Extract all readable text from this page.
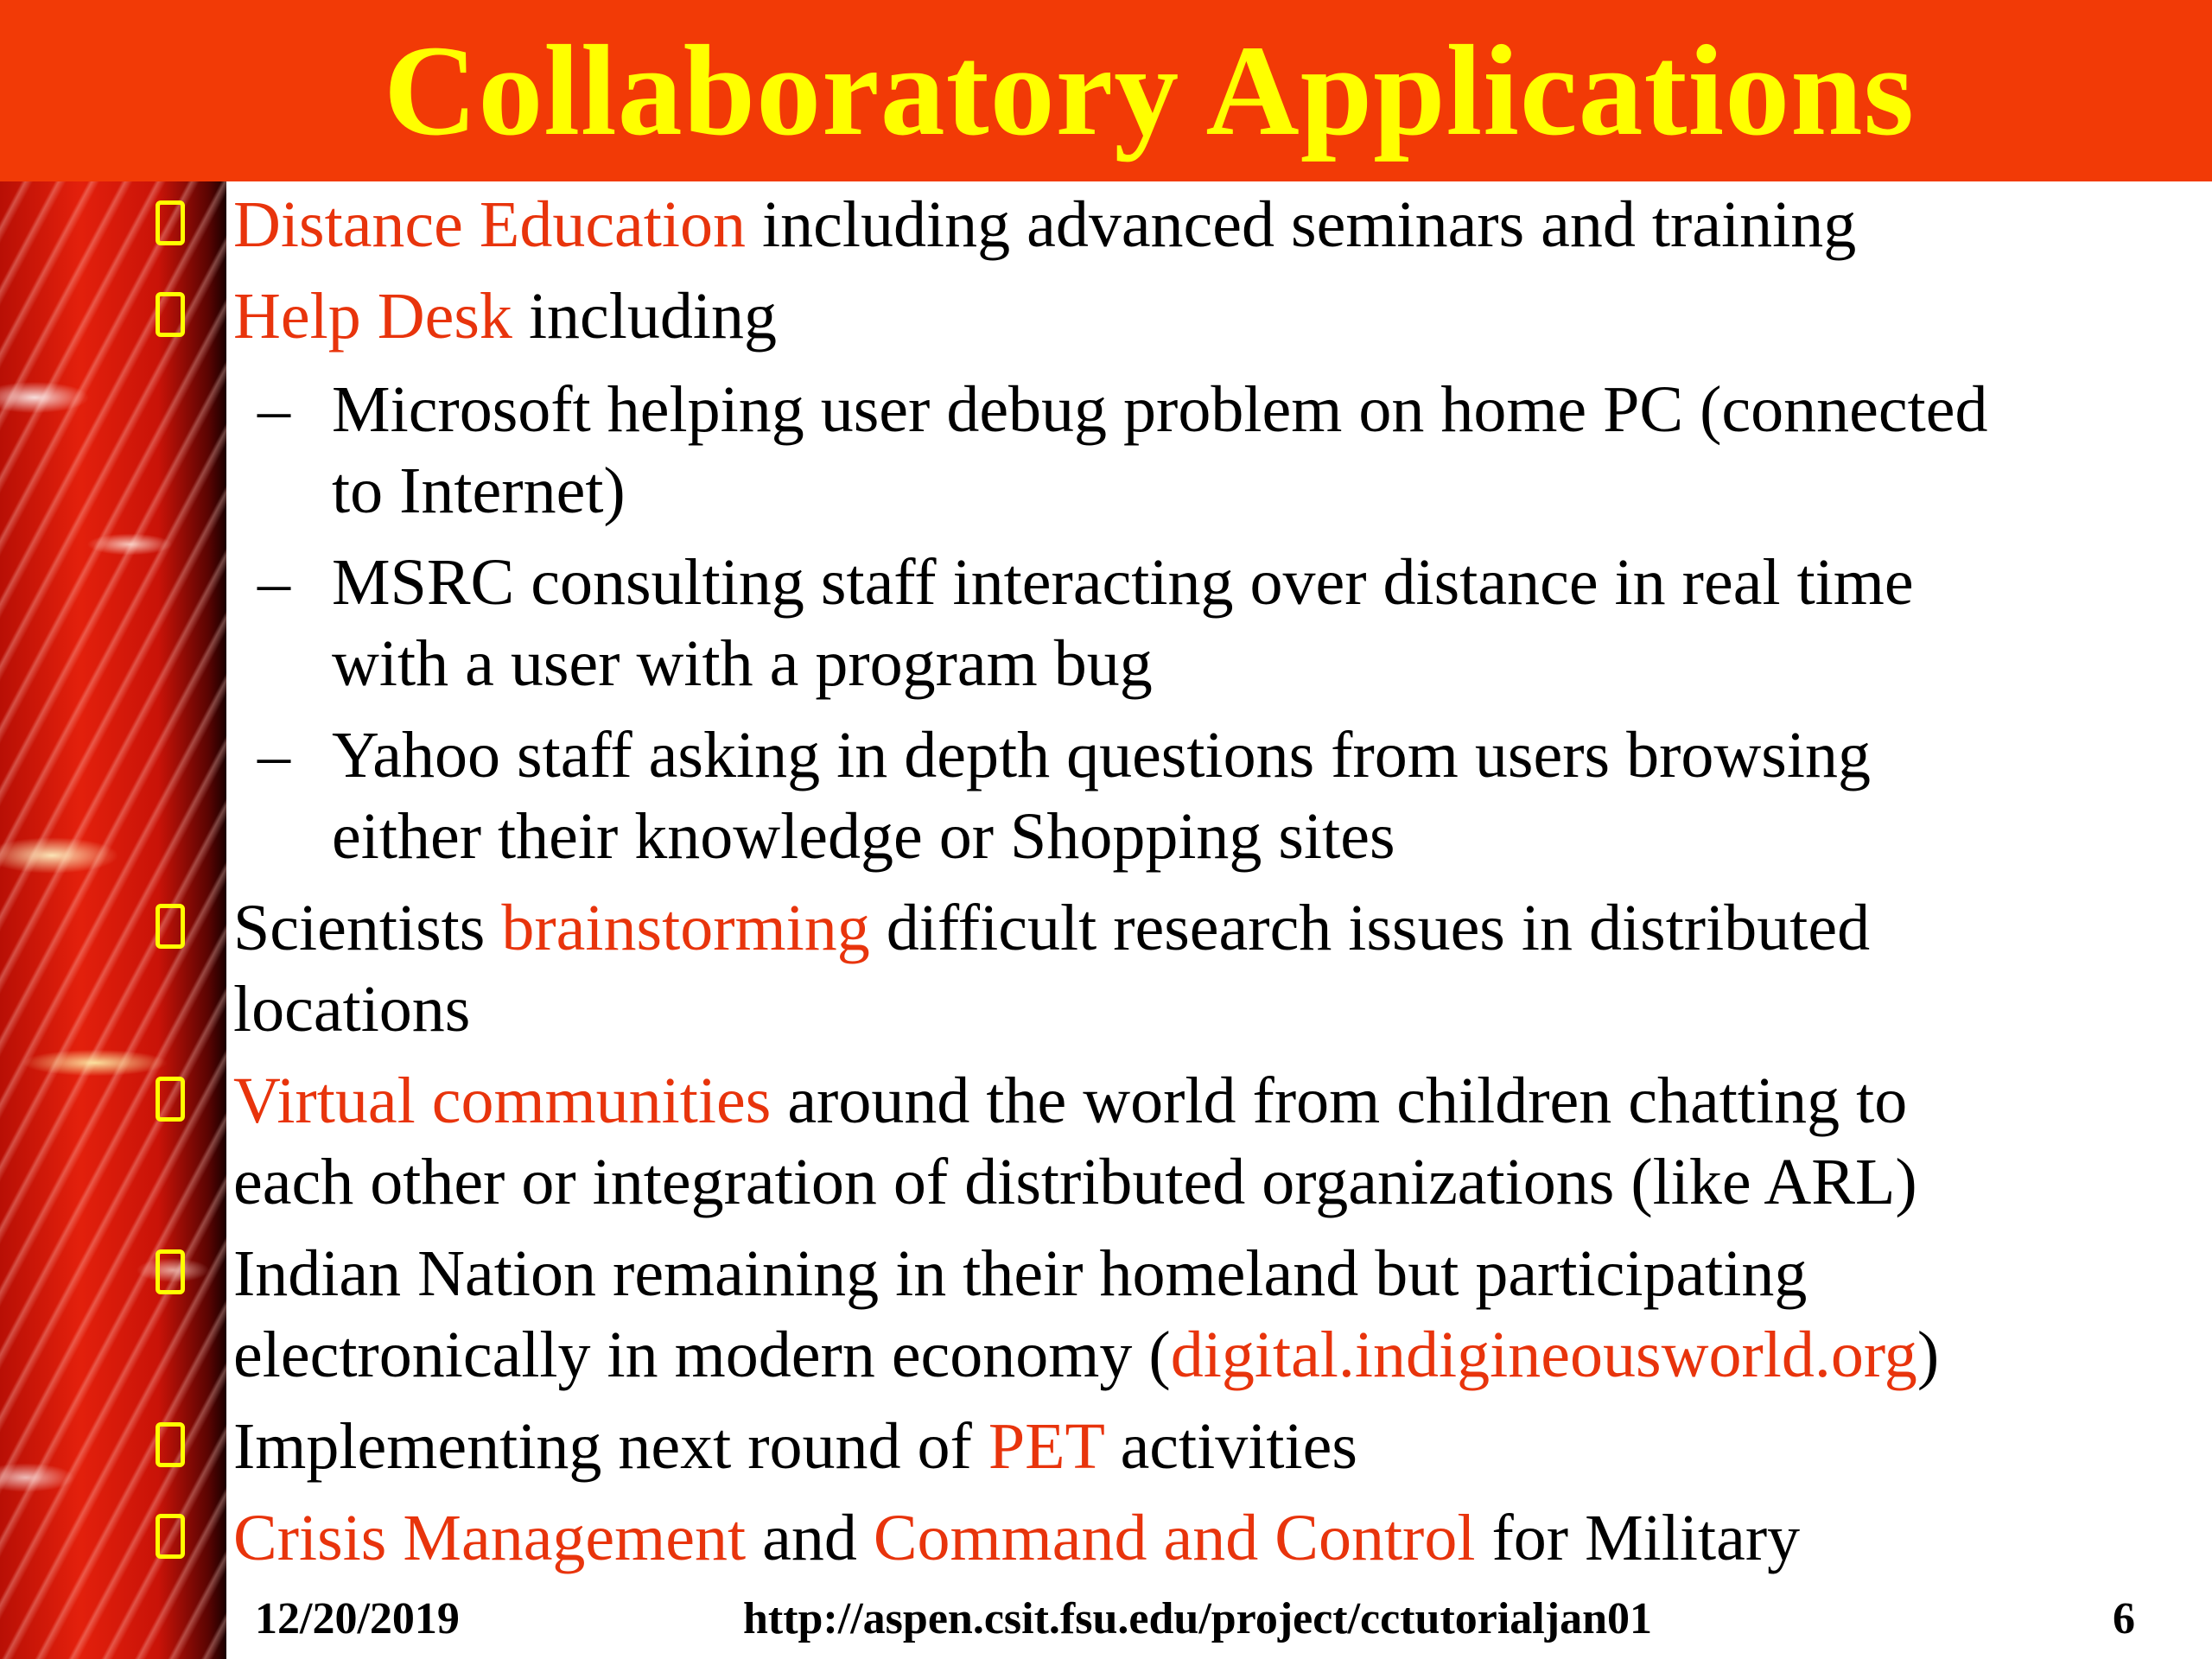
Collaboratory Applications
Distance Education including advanced seminars and training
Help Desk including
– Microsoft helping user debug problem on home PC (connected
to Internet)
– MSRC consulting staff interacting over distance in real time
with a user with a program bug
– Yahoo staff asking in depth questions from users browsing
either their knowledge or Shopping sites
Scientists brainstorming difficult research issues in distributed
locations
Virtual communities around the world from children chatting to
each other or integration of distributed organizations (like ARL)
Indian Nation remaining in their homeland but participating
electronically in modern economy (digital.indigineousworld.org)
Implementing next round of PET activities
Crisis Management and Command and Control for Military
12/20/2019	http://aspen.csit.fsu.edu/project/cctutorialjan01	6
